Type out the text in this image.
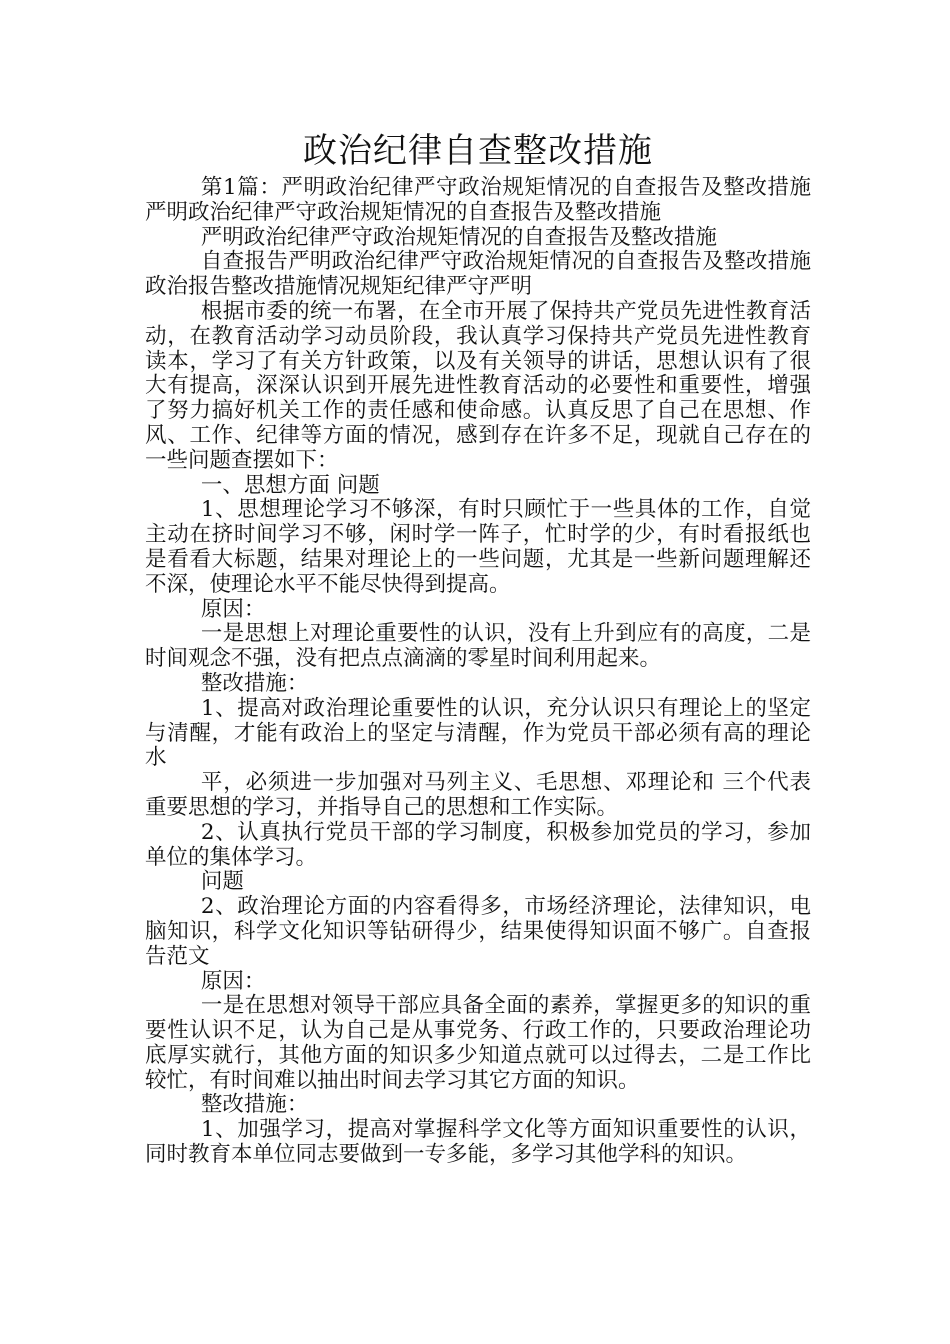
政治纪律自查整改措施

第1篇：严明政治纪律严守政治规矩情况的自查报告及整改措施严明政治纪律严守政治规矩情况的自查报告及整改措施

严明政治纪律严守政治规矩情况的自查报告及整改措施

自查报告严明政治纪律严守政治规矩情况的自查报告及整改措施政治报告整改措施情况规矩纪律严守严明

根据市委的统一布署，在全市开展了保持共产党员先进性教育活动，在教育活动学习动员阶段，我认真学习保持共产党员先进性教育读本，学习了有关方针政策，以及有关领导的讲话，思想认识有了很大有提高，深深认识到开展先进性教育活动的必要性和重要性，增强了努力搞好机关工作的责任感和使命感。认真反思了自己在思想、作风、工作、纪律等方面的情况，感到存在许多不足，现就自己存在的一些问题查摆如下：

一、思想方面 问题

1、思想理论学习不够深，有时只顾忙于一些具体的工作，自觉主动在挤时间学习不够，闲时学一阵子，忙时学的少，有时看报纸也是看看大标题，结果对理论上的一些问题，尤其是一些新问题理解还不深，使理论水平不能尽快得到提高。

原因：

一是思想上对理论重要性的认识，没有上升到应有的高度，二是时间观念不强，没有把点点滴滴的零星时间利用起来。

整改措施：

1、提高对政治理论重要性的认识，充分认识只有理论上的坚定与清醒，才能有政治上的坚定与清醒，作为党员干部必须有高的理论水

平，必须进一步加强对马列主义、毛思想、邓理论和 三个代表 重要思想的学习，并指导自己的思想和工作实际。

2、认真执行党员干部的学习制度，积极参加党员的学习，参加单位的集体学习。

问题

2、政治理论方面的内容看得多，市场经济理论，法律知识，电脑知识，科学文化知识等钻研得少，结果使得知识面不够广。自查报告范文

原因：

一是在思想对领导干部应具备全面的素养，掌握更多的知识的重要性认识不足，认为自己是从事党务、行政工作的，只要政治理论功底厚实就行，其他方面的知识多少知道点就可以过得去，二是工作比较忙，有时间难以抽出时间去学习其它方面的知识。

整改措施：

1、加强学习，提高对掌握科学文化等方面知识重要性的认识，同时教育本单位同志要做到一专多能，多学习其他学科的知识。
